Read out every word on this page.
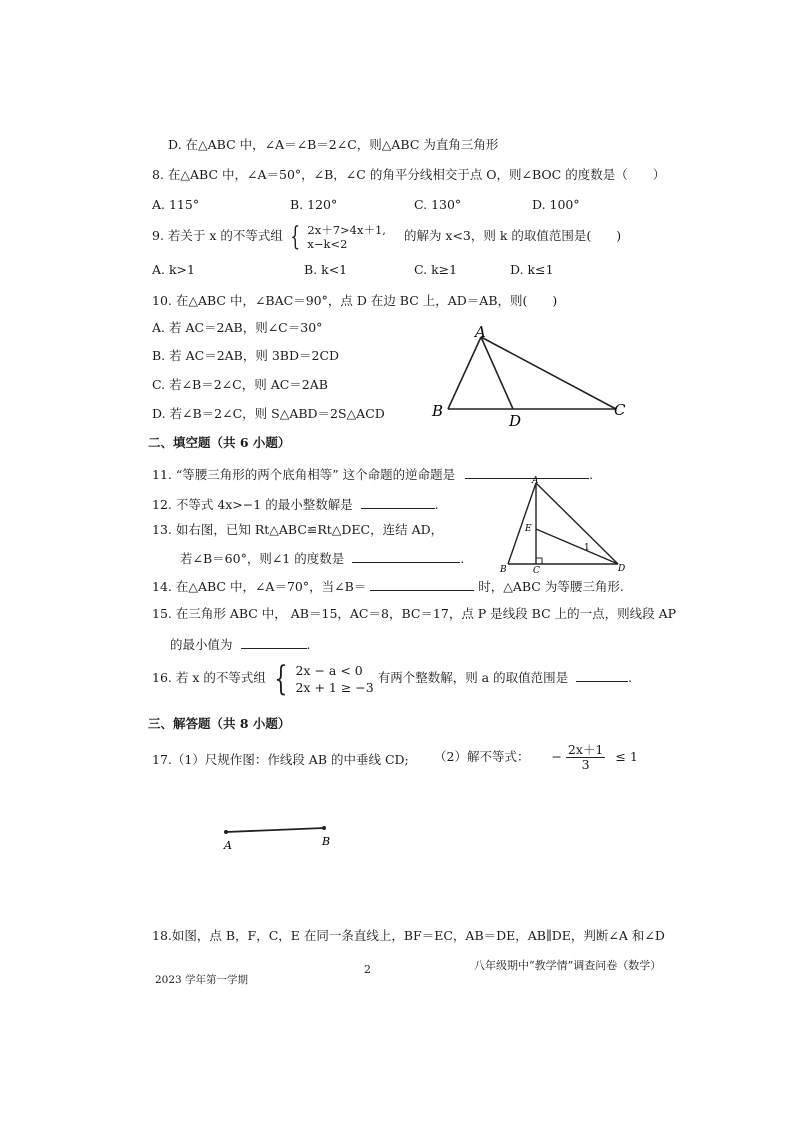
D. 在△ABC 中，∠A＝∠B＝2∠C，则△ABC 为直角三角形
8. 在△ABC 中，∠A＝50°，∠B，∠C 的角平分线相交于点 O，则∠BOC 的度数是（　　）
A. 115°	B. 120°	C. 130°	D. 100°
9. 若关于 x 的不等式组 { 2x＋7>4x＋1,
x−k<2
的解为 x<3，则 k 的取值范围是(　　)
A. k>1	B. k<1	C. k≥1	D. k≤1
10. 在△ABC 中，∠BAC＝90°，点 D 在边 BC 上，AD＝AB，则(　　)
A. 若 AC＝2AB，则∠C＝30°
B. 若 AC＝2AB，则 3BD＝2CD
C. 若∠B＝2∠C，则 AC＝2AB
D. 若∠B＝2∠C，则 S△ABD＝2S△ACD
A
B	C
D
二、填空题（共 6 小题）
11. “等腰三角形的两个底角相等” 这个命题的逆命题是	.
12. 不等式 4x>−1 的最小整数解是	.
13. 如右图，已知 Rt△ABC≌Rt△DEC，连结 AD，
若∠B＝60°，则∠1 的度数是	.
A
E
B	C	D
1
14. 在△ABC 中，∠A＝70°，当∠B＝	时，△ABC 为等腰三角形.
15. 在三角形 ABC 中， AB＝15，AC＝8，BC＝17，点 P 是线段 BC 上的一点，则线段 AP
的最小值为	.
16. 若 x 的不等式组 { 2x − a < 0
2x + 1 ≥ −3
有两个整数解，则 a 的取值范围是	.
三、解答题（共 8 小题）
17.（1）尺规作图：作线段 AB 的中垂线 CD; （2）解不等式： − $\frac{2x+1}{3} \le 1$
A	B
18.如图，点 B，F，C，E 在同一条直线上，BF＝EC，AB＝DE，AB∥DE，判断∠A 和∠D
2	八年级期中“教学情”调查问卷（数学）
2023 学年第一学期
